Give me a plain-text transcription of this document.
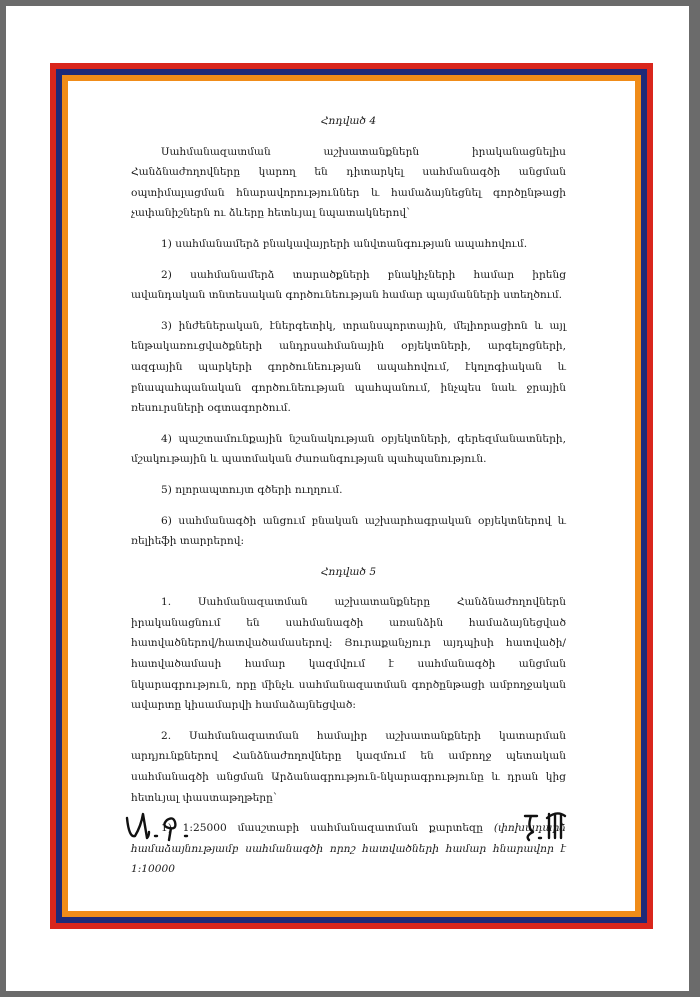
Հոդված 4

Սահմանազատման աշխատանքներն իրականացնելիս Հանձնաժողովները կարող են դիտարկել սահմանագծի անցման օպտիմալացման հնարավորություններ և համաձայնեցնել գործընթացի չափանիշներն ու ձևերը հետևյալ նպատակներով՝

1) սահմանամերձ բնակավայրերի անվտանգության ապահովում.

2) սահմանամերձ տարածքների բնակիչների համար իրենց ավանդական տնտեսական գործունեության համար պայմանների ստեղծում.

3) ինժեներական, էներգետիկ, տրանսպորտային, մելիորացիոն և այլ ենթակառուցվածքների անդրսահմանային օբյեկտների, արգելոցների, ազգային պարկերի գործունեության ապահովում, էկոլոգիական և բնապահպանական գործունեության պահպանում, ինչպես նաև ջրային ռեսուրսների օգտագործում.

4) պաշտամունքային նշանակության օբյեկտների, գերեզմանատների, մշակութային և պատմական ժառանգության պահպանություն.

5) ոլորապտույտ գծերի ուղղում.

6) սահմանագծի անցում բնական աշխարհագրական օբյեկտներով և ռելիեֆի տարրերով:

Հոդված 5

1. Սահմանազատման աշխատանքները Հանձնաժողովներն իրականացնում են սահմանագծի առանձին համաձայնեցված հատվածներով/հատվածամասերով: Յուրաքանչյուր այդպիսի հատվածի/հատվածամասի համար կազմվում է սահմանագծի անցման նկարագրություն, որը մինչև սահմանազատման գործընթացի ամբողջական ավարտը կիսամարվի համաձայնեցված:

2. Սահմանազատման համալիր աշխատանքների կատարման արդյունքներով Հանձնաժողովները կազմում են ամբողջ պետական սահմանագծի անցման Արձանագրություն-նկարագրությունը և դրան կից հետևյալ փաստաթղթերը՝

1) 1:25000 մասշտաբի սահմանազատման քարտեզը (փոխադարձ համաձայնությամբ սահմանագծի որոշ հատվածների համար հնարավոր է 1:10000
